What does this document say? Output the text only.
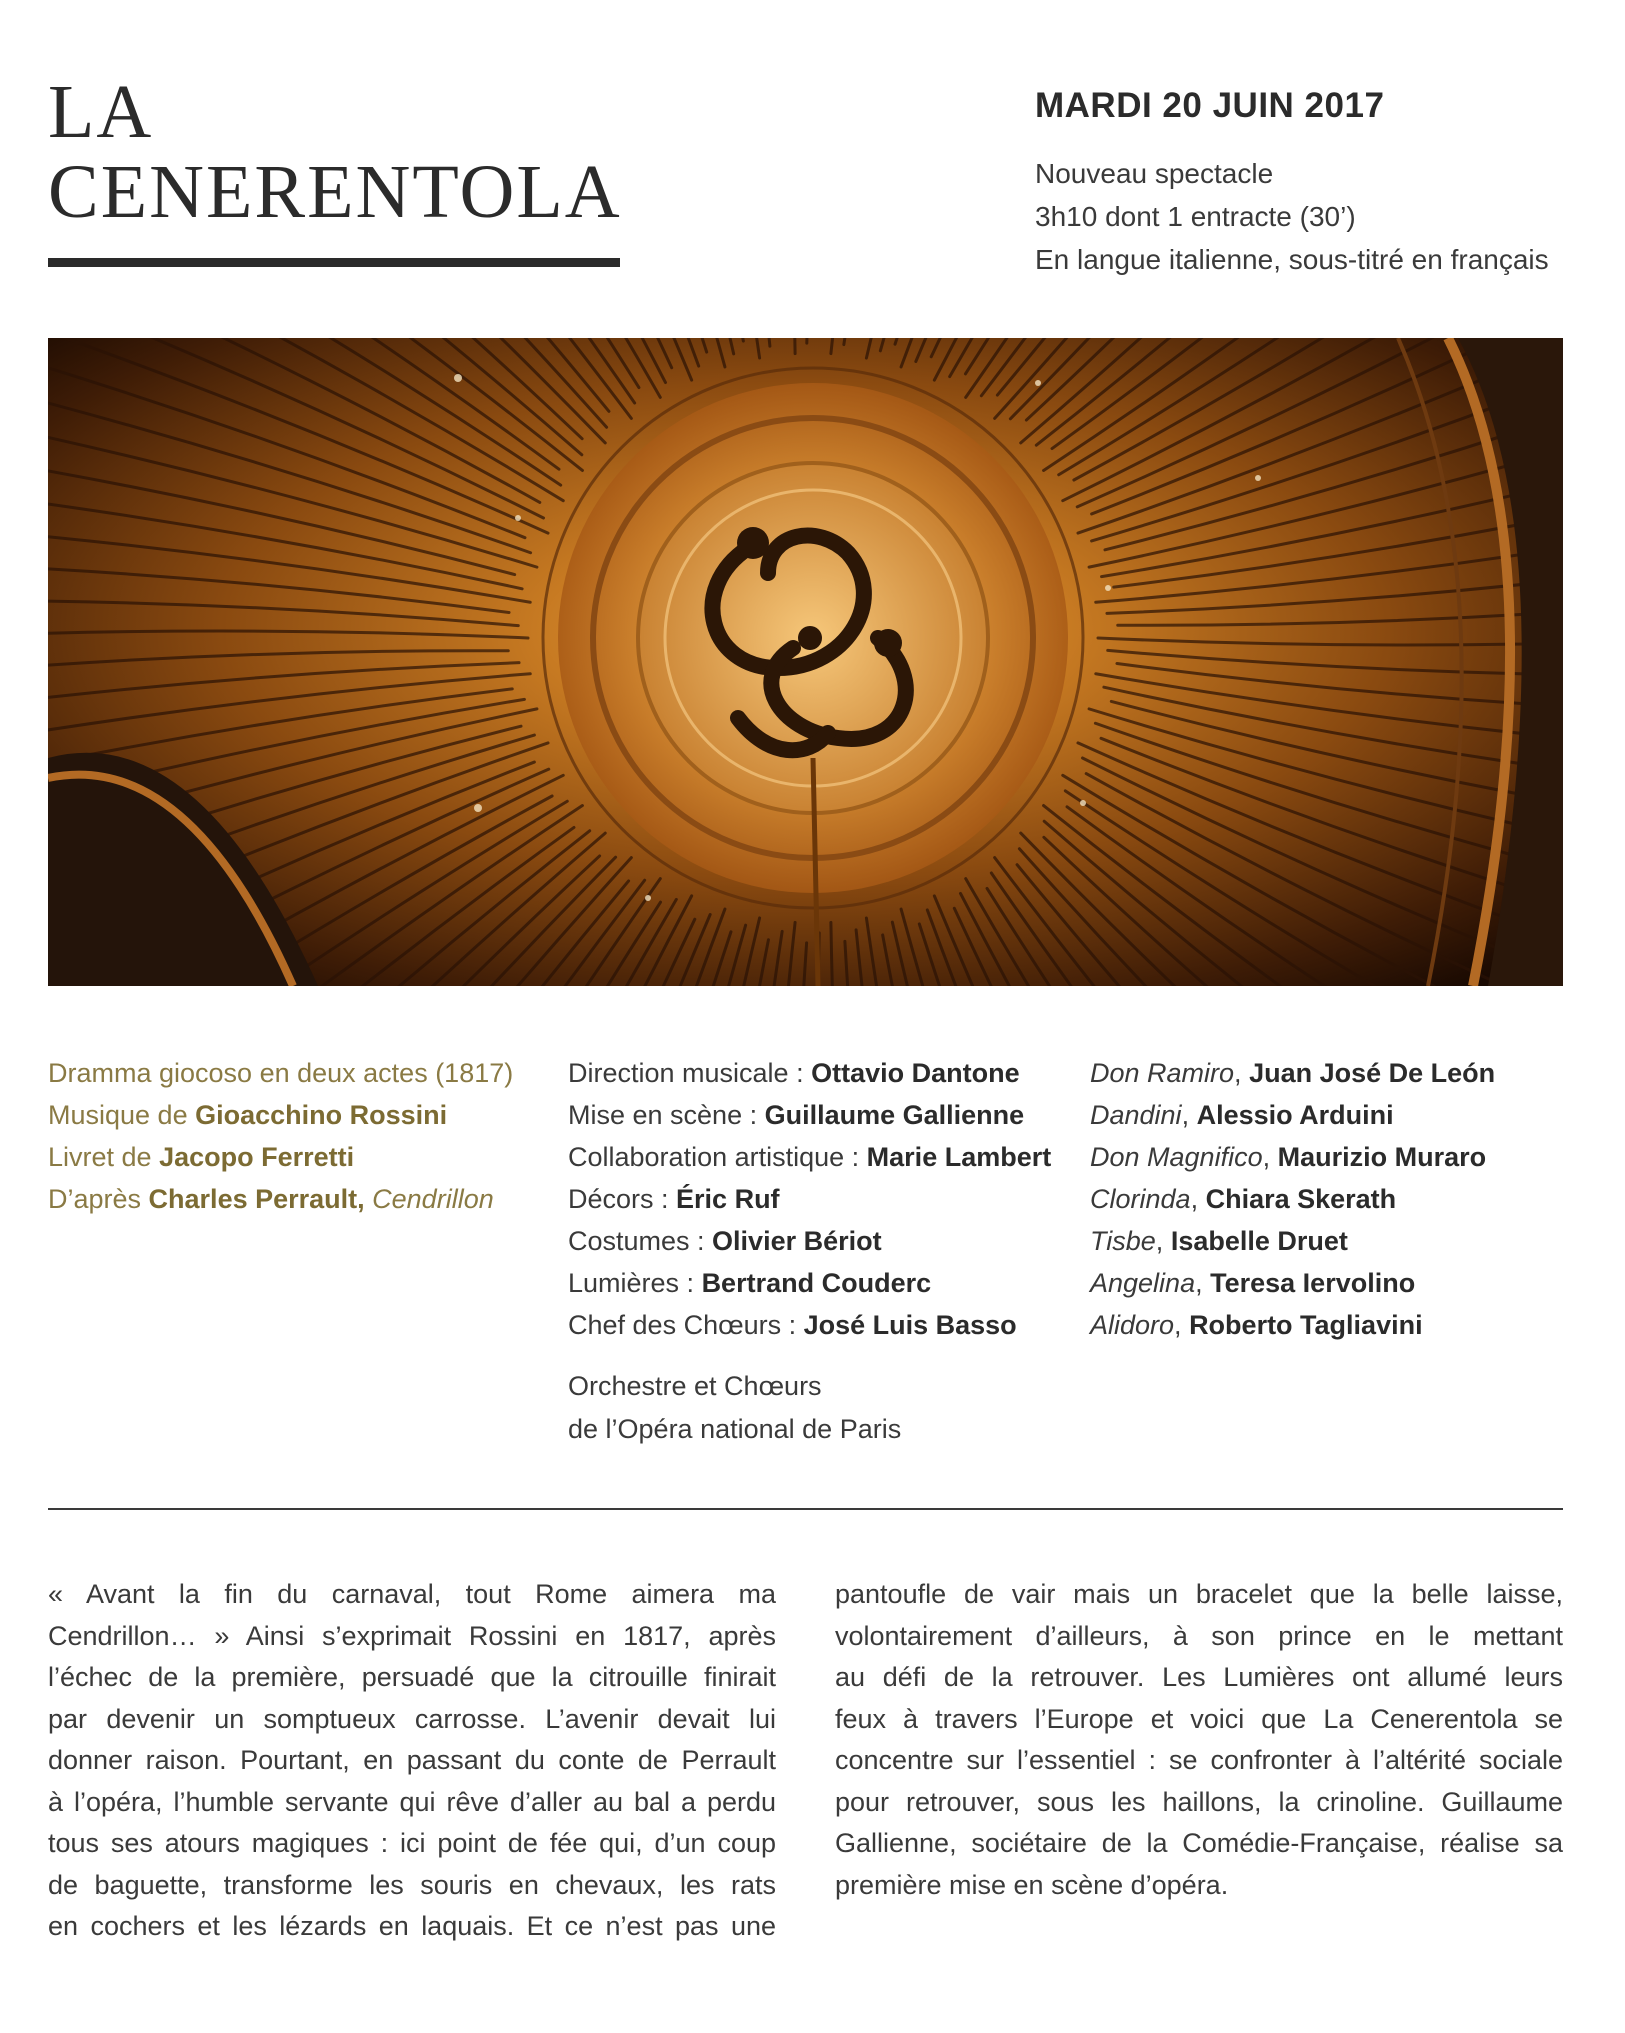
LA
CENERENTOLA
MARDI 20 JUIN 2017
Nouveau spectacle
3h10 dont 1 entracte (30’)
En langue italienne, sous-titré en français
Dramma giocoso en deux actes (1817)
Musique de Gioacchino Rossini
Livret de Jacopo Ferretti
D’après Charles Perrault, Cendrillon
Direction musicale : Ottavio Dantone
Mise en scène : Guillaume Gallienne
Collaboration artistique : Marie Lambert
Décors : Éric Ruf
Costumes : Olivier Bériot
Lumières : Bertrand Couderc
Chef des Chœurs : José Luis Basso
Orchestre et Chœurs
de l’Opéra national de Paris
Don Ramiro, Juan José De León
Dandini, Alessio Arduini
Don Magnifico, Maurizio Muraro
Clorinda, Chiara Skerath
Tisbe, Isabelle Druet
Angelina, Teresa Iervolino
Alidoro, Roberto Tagliavini
« Avant la fin du carnaval, tout Rome aimera ma
Cendrillon… » Ainsi s’exprimait Rossini en 1817, après
l’échec de la première, persuadé que la citrouille finirait
par devenir un somptueux carrosse. L’avenir devait lui
donner raison. Pourtant, en passant du conte de Perrault
à l’opéra, l’humble servante qui rêve d’aller au bal a perdu
tous ses atours magiques : ici point de fée qui, d’un coup
de baguette, transforme les souris en chevaux, les rats
en cochers et les lézards en laquais. Et ce n’est pas une
pantoufle de vair mais un bracelet que la belle laisse,
volontairement d’ailleurs, à son prince en le mettant
au défi de la retrouver. Les Lumières ont allumé leurs
feux à travers l’Europe et voici que La Cenerentola se
concentre sur l’essentiel : se confronter à l’altérité sociale
pour retrouver, sous les haillons, la crinoline. Guillaume
Gallienne, sociétaire de la Comédie-Française, réalise sa
première mise en scène d’opéra.
